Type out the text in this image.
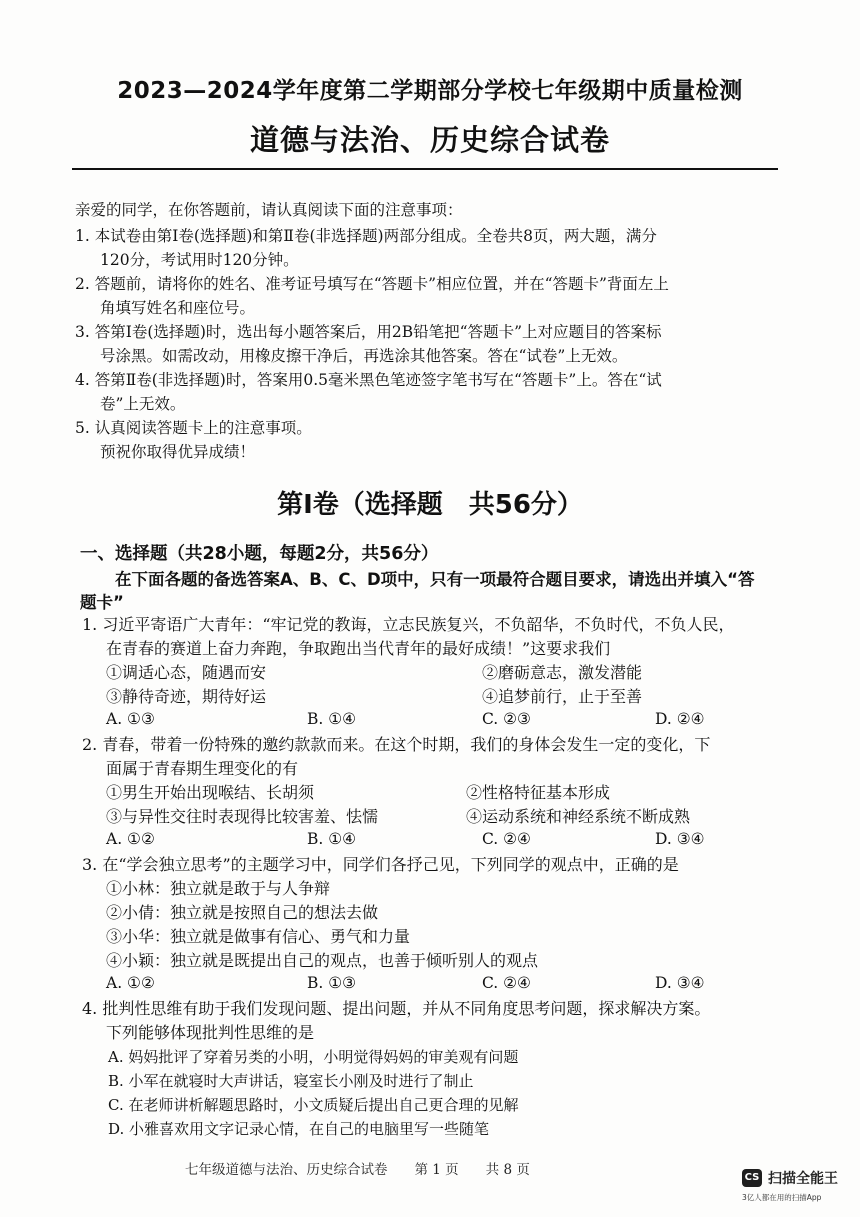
2023—2024学年度第二学期部分学校七年级期中质量检测
道德与法治、历史综合试卷
亲爱的同学，在你答题前，请认真阅读下面的注意事项：
1. 本试卷由第Ⅰ卷(选择题)和第Ⅱ卷(非选择题)两部分组成。全卷共8页，两大题，满分
120分，考试用时120分钟。
2. 答题前，请将你的姓名、准考证号填写在“答题卡”相应位置，并在“答题卡”背面左上
角填写姓名和座位号。
3. 答第Ⅰ卷(选择题)时，选出每小题答案后，用2B铅笔把“答题卡”上对应题目的答案标
号涂黑。如需改动，用橡皮擦干净后，再选涂其他答案。答在“试卷”上无效。
4. 答第Ⅱ卷(非选择题)时，答案用0.5毫米黑色笔迹签字笔书写在“答题卡”上。答在“试
卷”上无效。
5. 认真阅读答题卡上的注意事项。
预祝你取得优异成绩！
第Ⅰ卷（选择题　共56分）
一、选择题（共28小题，每题2分，共56分）
在下面各题的备选答案A、B、C、D项中，只有一项最符合题目要求，请选出并填入“答
题卡”
1. 习近平寄语广大青年：“牢记党的教诲，立志民族复兴，不负韶华，不负时代，不负人民，
在青春的赛道上奋力奔跑，争取跑出当代青年的最好成绩！”这要求我们
①调适心态，随遇而安	②磨砺意志，激发潜能
③静待奇迹，期待好运	④追梦前行，止于至善
A. ①③	B. ①④	C. ②③	D. ②④
2. 青春，带着一份特殊的邀约款款而来。在这个时期，我们的身体会发生一定的变化，下
面属于青春期生理变化的有
①男生开始出现喉结、长胡须	②性格特征基本形成
③与异性交往时表现得比较害羞、怯懦	④运动系统和神经系统不断成熟
A. ①②	B. ①④	C. ②④	D. ③④
3. 在“学会独立思考”的主题学习中，同学们各抒己见，下列同学的观点中，正确的是
①小林：独立就是敢于与人争辩
②小倩：独立就是按照自己的想法去做
③小华：独立就是做事有信心、勇气和力量
④小颖：独立就是既提出自己的观点，也善于倾听别人的观点
A. ①②	B. ①③	C. ②④	D. ③④
4. 批判性思维有助于我们发现问题、提出问题，并从不同角度思考问题，探求解决方案。
下列能够体现批判性思维的是
A. 妈妈批评了穿着另类的小明，小明觉得妈妈的审美观有问题
B. 小军在就寝时大声讲话，寝室长小刚及时进行了制止
C. 在老师讲析解题思路时，小文质疑后提出自己更合理的见解
D. 小雅喜欢用文字记录心情，在自己的电脑里写一些随笔
七年级道德与法治、历史综合试卷　　第 1 页　　共 8 页	CS 扫描全能王
3亿人都在用的扫描App
